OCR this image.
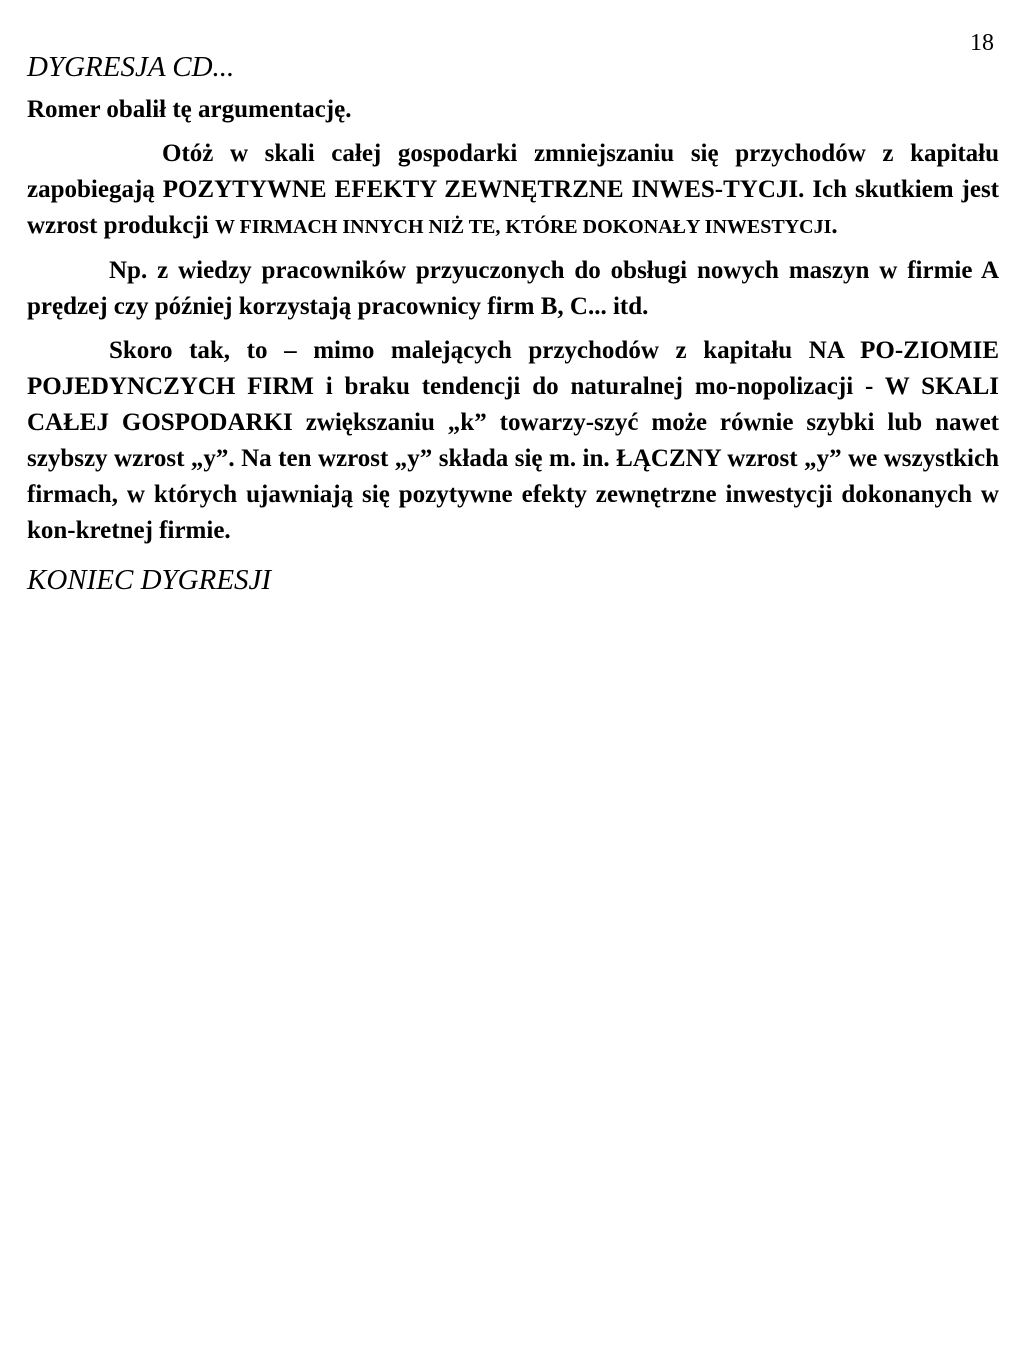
18

DYGRESJA CD...

Romer obalił tę argumentację.

Otóż w skali całej gospodarki zmniejszaniu się przychodów z kapitału zapobiegają POZYTYWNE EFEKTY ZEWNĘTRZNE INWES-TYCJI. Ich skutkiem jest wzrost produkcji W FIRMACH INNYCH NIŻ TE, KTÓRE DOKONAŁY INWESTYCJI.

Np. z wiedzy pracowników przyuczonych do obsługi nowych maszyn w firmie A prędzej czy później korzystają pracownicy firm B, C... itd.

Skoro tak, to – mimo malejących przychodów z kapitału NA PO-ZIOMIE POJEDYNCZYCH FIRM i braku tendencji do naturalnej mo-nopolizacji - W SKALI CAŁEJ GOSPODARKI zwiększaniu „k” towarzy-szyć może równie szybki lub nawet szybszy wzrost „y”. Na ten wzrost „y” składa się m. in. ŁĄCZNY wzrost „y” we wszystkich firmach, w których ujawniają się pozytywne efekty zewnętrzne inwestycji dokonanych w kon-kretnej firmie.

KONIEC DYGRESJI
